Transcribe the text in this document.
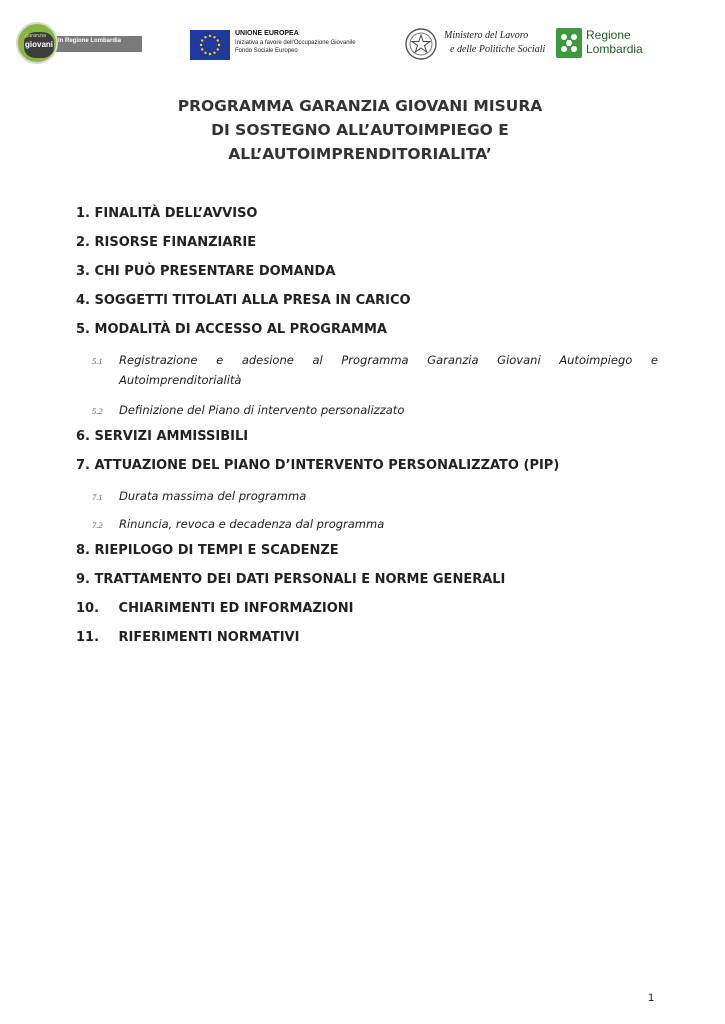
In Regione Lombardia
garanzia
giovani
UNIONE EUROPEA
Iniziativa a favore dell'Occupazione Giovanile
Fondo Sociale Europeo
Ministero del Lavoro
e delle Politiche Sociali
Regione
Lombardia
PROGRAMMA GARANZIA GIOVANI MISURA
DI SOSTEGNO ALL’AUTOIMPIEGO E
ALL’AUTOIMPRENDITORIALITA’
1. FINALITÀ DELL’AVVISO
2. RISORSE FINANZIARIE
3. CHI PUÒ PRESENTARE DOMANDA
4. SOGGETTI TITOLATI ALLA PRESA IN CARICO
5. MODALITÀ DI ACCESSO AL PROGRAMMA
5.1 Registrazione e adesione al Programma Garanzia Giovani Autoimpiego e
Autoimprenditorialità
5.2 Definizione del Piano di intervento personalizzato
6. SERVIZI AMMISSIBILI
7. ATTUAZIONE DEL PIANO D’INTERVENTO PERSONALIZZATO (PIP)
7.1 Durata massima del programma
7.2 Rinuncia, revoca e decadenza dal programma
8. RIEPILOGO DI TEMPI E SCADENZE
9. TRATTAMENTO DEI DATI PERSONALI E NORME GENERALI
10. CHIARIMENTI ED INFORMAZIONI
11. RIFERIMENTI NORMATIVI
1
